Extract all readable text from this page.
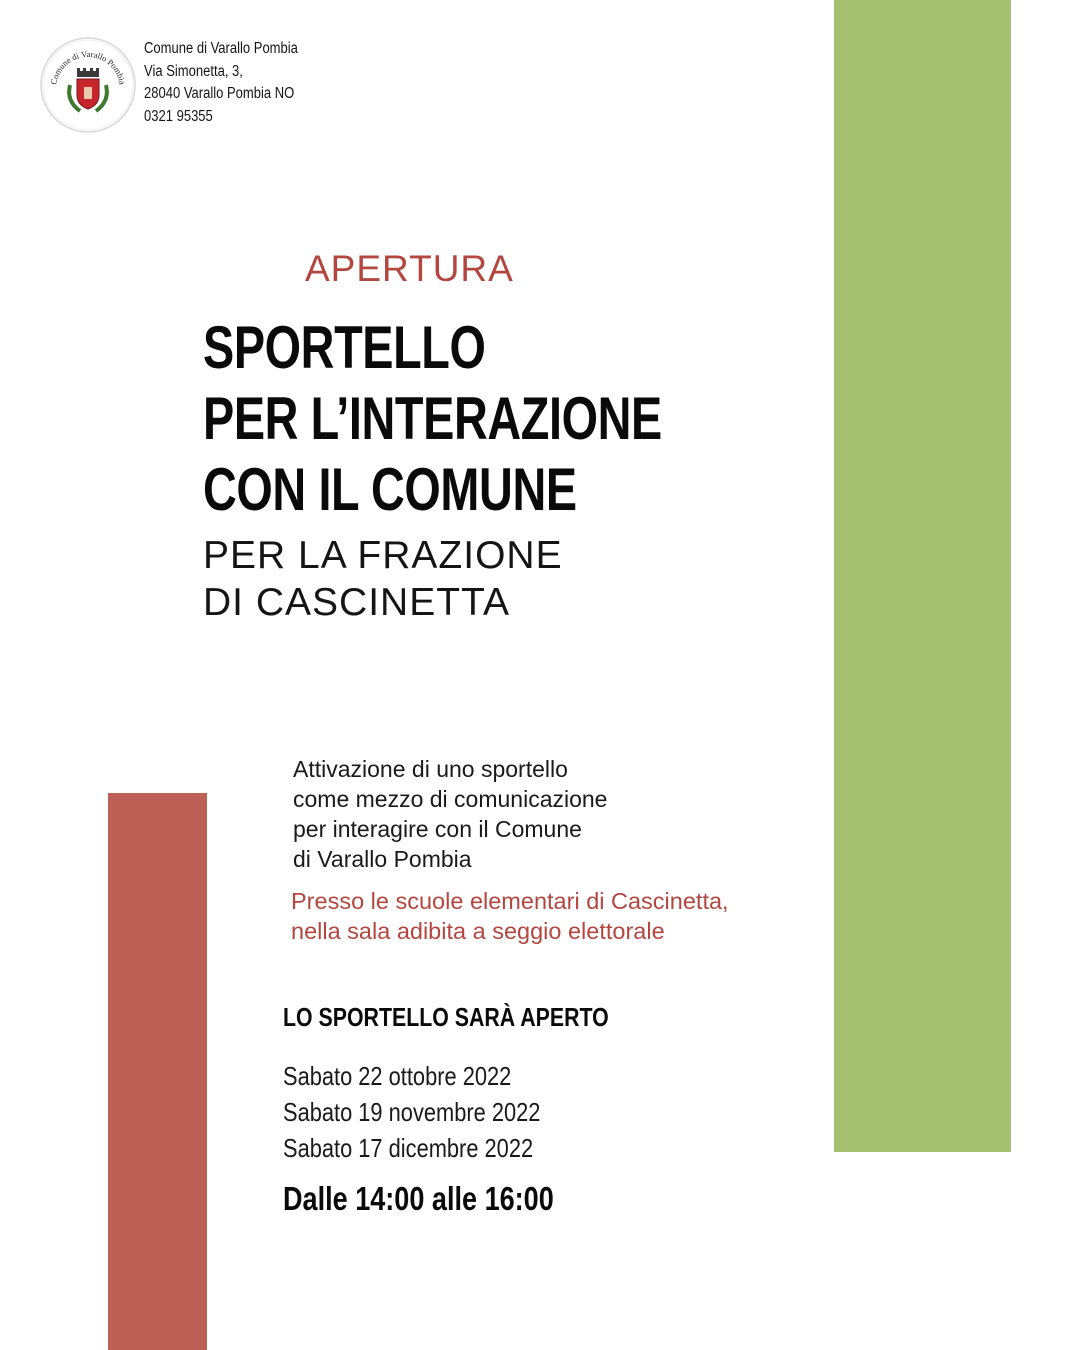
Comune di Varallo Pombia
Comune di Varallo Pombia
Via Simonetta, 3,
28040 Varallo Pombia NO
0321 95355
APERTURA
SPORTELLO
PER L’INTERAZIONE
CON IL COMUNE
PER LA FRAZIONE
DI CASCINETTA
Attivazione di uno sportello
come mezzo di comunicazione
per interagire con il Comune
di Varallo Pombia
Presso le scuole elementari di Cascinetta,
nella sala adibita a seggio elettorale
LO SPORTELLO SARÀ APERTO
Sabato 22 ottobre 2022
Sabato 19 novembre 2022
Sabato 17 dicembre 2022
Dalle 14:00 alle 16:00
